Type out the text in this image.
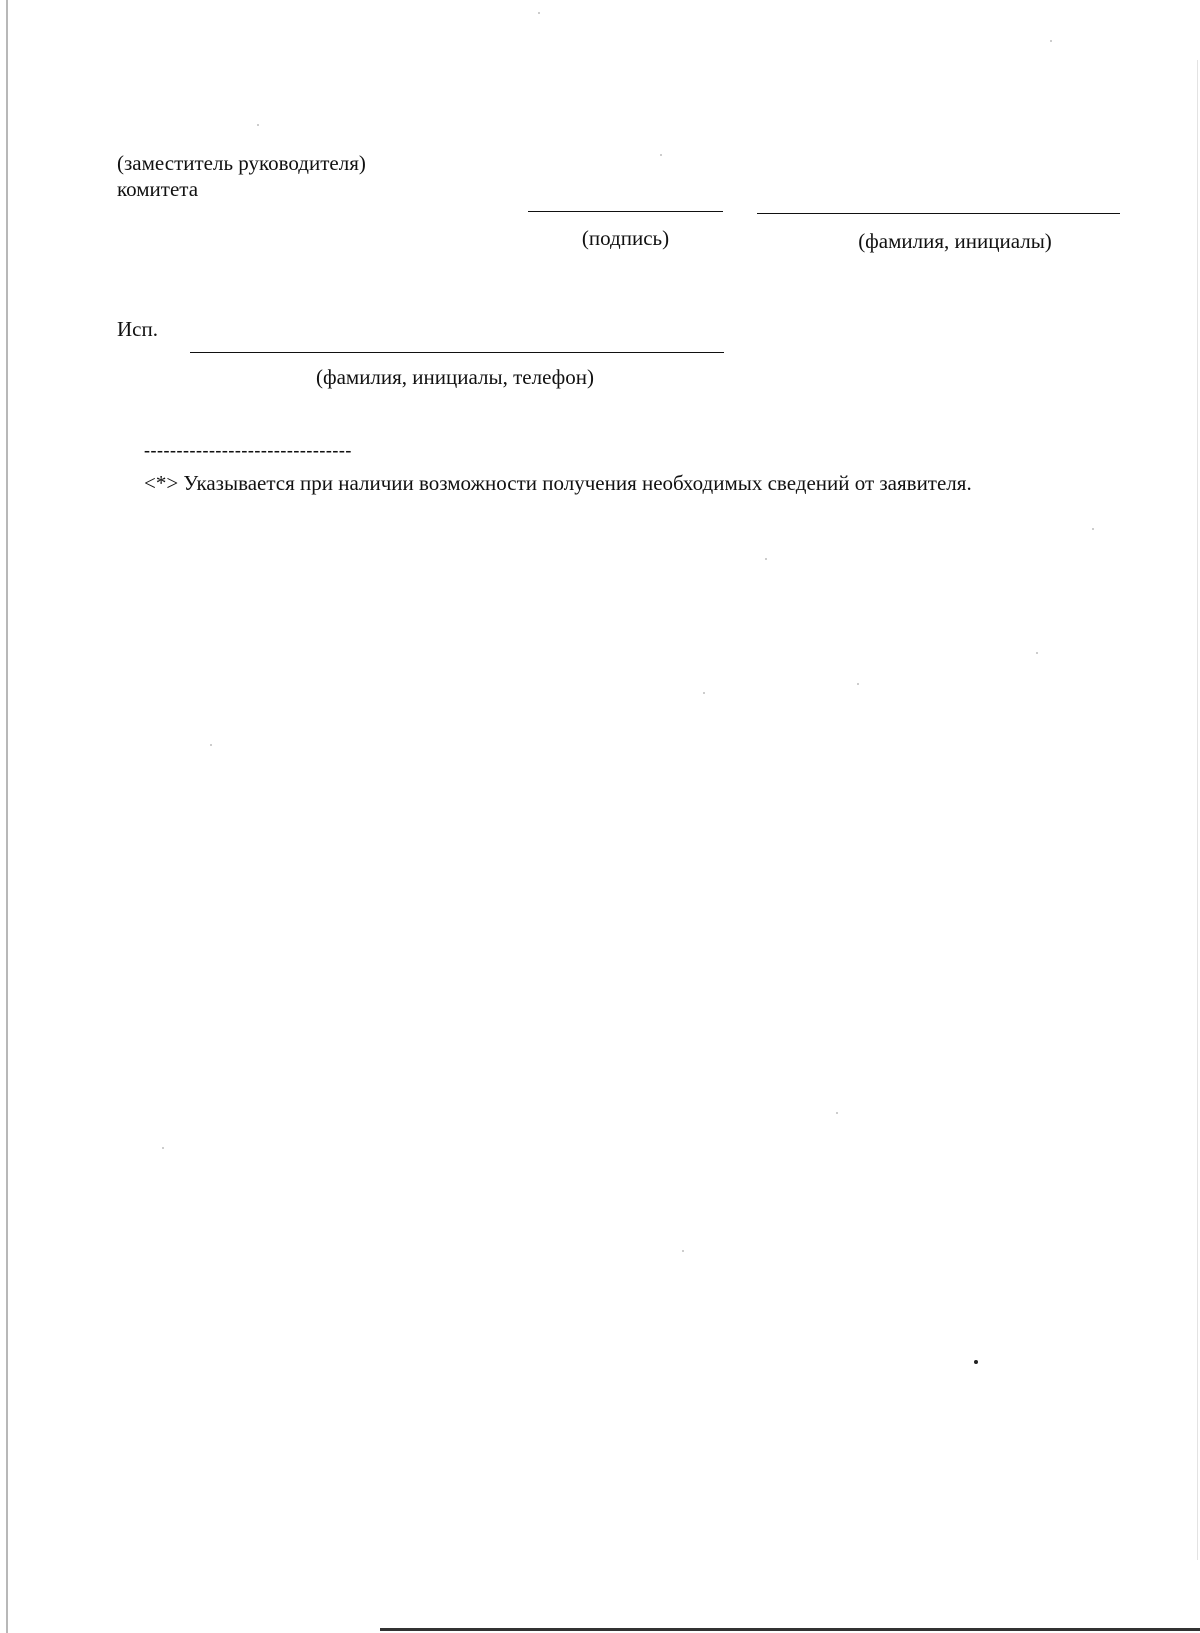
(заместитель руководителя)
комитета
(подпись)	(фамилия, инициалы)
Исп.
(фамилия, инициалы, телефон)
--------------------------------
<*> Указывается при наличии возможности получения необходимых сведений от заявителя.
